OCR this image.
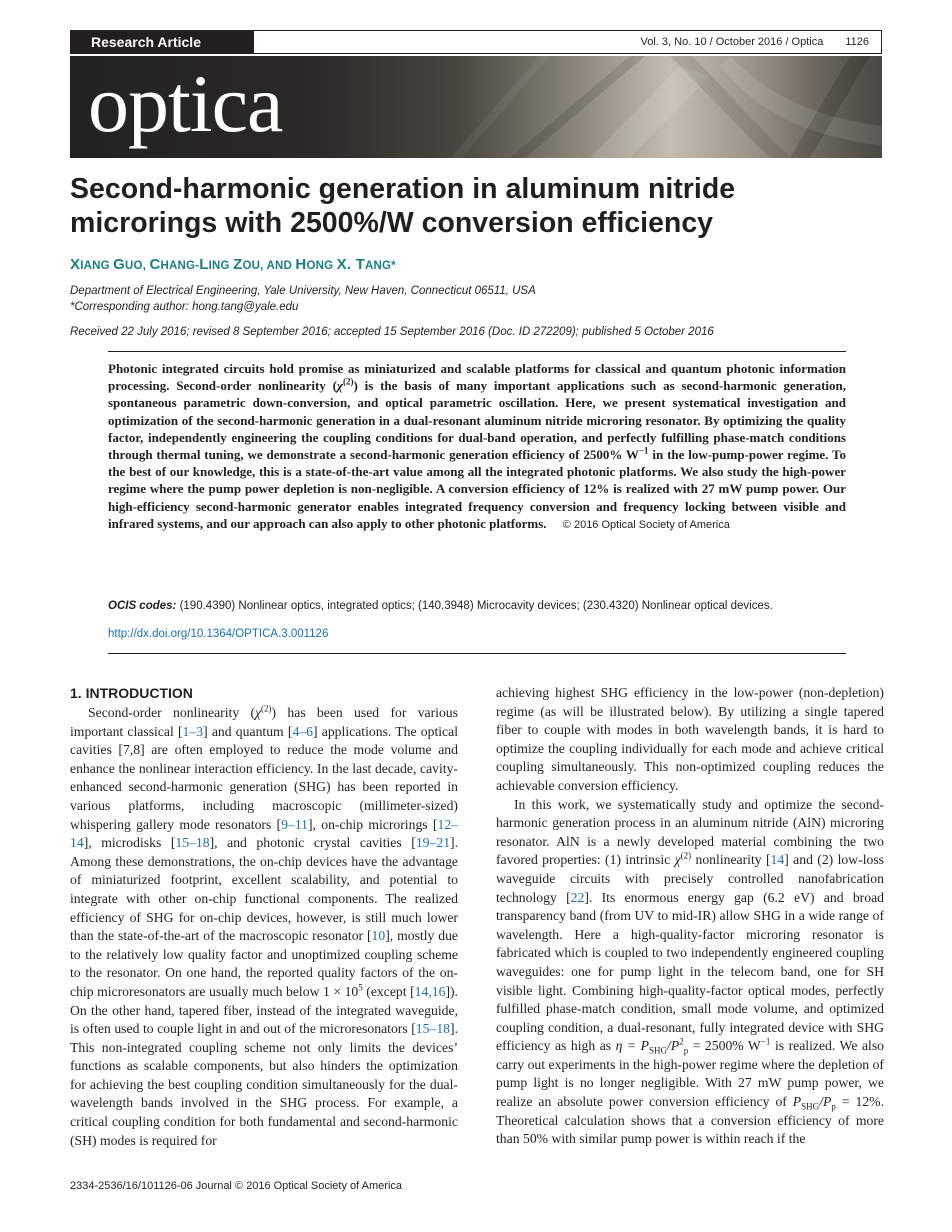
Research Article	Vol. 3, No. 10 / October 2016 / Optica 1126
optica
Second-harmonic generation in aluminum nitride microrings with 2500%/W conversion efficiency
XIANG GUO, CHANG-LING ZOU, AND HONG X. TANG*
Department of Electrical Engineering, Yale University, New Haven, Connecticut 06511, USA
*Corresponding author: hong.tang@yale.edu
Received 22 July 2016; revised 8 September 2016; accepted 15 September 2016 (Doc. ID 272209); published 5 October 2016
Photonic integrated circuits hold promise as miniaturized and scalable platforms for classical and quantum photonic information processing. Second-order nonlinearity $(\chi^{(2)})$ is the basis of many important applications such as second-harmonic generation, spontaneous parametric down-conversion, and optical parametric oscillation. Here, we present systematical investigation and optimization of the second-harmonic generation in a dual-resonant aluminum nitride microring resonator. By optimizing the quality factor, independently engineering the coupling conditions for dual-band operation, and perfectly fulfilling phase-match conditions through thermal tuning, we demonstrate a second-harmonic generation efficiency of 2500% $W^{-1}$ in the low-pump-power regime. To the best of our knowledge, this is a state-of-the-art value among all the integrated photonic platforms. We also study the high-power regime where the pump power depletion is non-negligible. A conversion efficiency of 12% is realized with 27 mW pump power. Our high-efficiency second-harmonic generator enables integrated frequency conversion and frequency locking between visible and infrared systems, and our approach can also apply to other photonic platforms. © 2016 Optical Society of America
OCIS codes: (190.4390) Nonlinear optics, integrated optics; (140.3948) Microcavity devices; (230.4320) Nonlinear optical devices.
http://dx.doi.org/10.1364/OPTICA.3.001126
1. INTRODUCTION

Second-order nonlinearity $(\chi^{(2)})$ has been used for various important classical [1–3] and quantum [4–6] applications. The optical cavities [7,8] are often employed to reduce the mode volume and enhance the nonlinear interaction efficiency. In the last decade, cavity-enhanced second-harmonic generation (SHG) has been reported in various platforms, including macroscopic (millimeter-sized) whispering gallery mode resonators [9–11], on-chip microrings [12–14], microdisks [15–18], and photonic crystal cavities [19–21]. Among these demonstrations, the on-chip devices have the advantage of miniaturized footprint, excellent scalability, and potential to integrate with other on-chip functional components. The realized efficiency of SHG for on-chip devices, however, is still much lower than the state-of-the-art of the macroscopic resonator [10], mostly due to the relatively low quality factor and unoptimized coupling scheme to the resonator. On one hand, the reported quality factors of the on-chip microresonators are usually much below $1 \times 10^5$ (except [14,16]). On the other hand, tapered fiber, instead of the integrated waveguide, is often used to couple light in and out of the microresonators [15–18]. This non-integrated coupling scheme not only limits the devices’ functions as scalable components, but also hinders the optimization for achieving the best coupling condition simultaneously for the dual-wavelength bands involved in the SHG process. For example, a critical coupling condition for both fundamental and second-harmonic (SH) modes is required for

achieving highest SHG efficiency in the low-power (non-depletion) regime (as will be illustrated below). By utilizing a single tapered fiber to couple with modes in both wavelength bands, it is hard to optimize the coupling individually for each mode and achieve critical coupling simultaneously. This non-optimized coupling reduces the achievable conversion efficiency.

In this work, we systematically study and optimize the second-harmonic generation process in an aluminum nitride (AlN) microring resonator. AlN is a newly developed material combining the two favored properties: (1) intrinsic $\chi^{(2)}$ nonlinearity [14] and (2) low-loss waveguide circuits with precisely controlled nanofabrication technology [22]. Its enormous energy gap (6.2 eV) and broad transparency band (from UV to mid-IR) allow SHG in a wide range of wavelength. Here a high-quality-factor microring resonator is fabricated which is coupled to two independently engineered coupling waveguides: one for pump light in the telecom band, one for SH visible light. Combining high-quality-factor optical modes, perfectly fulfilled phase-match condition, small mode volume, and optimized coupling condition, a dual-resonant, fully integrated device with SHG efficiency as high as $\eta = P_{SHG}/P^2_p = 2500\%$ $W^{-1}$ is realized. We also carry out experiments in the high-power regime where the depletion of pump light is no longer negligible. With 27 mW pump power, we realize an absolute power conversion efficiency of $P_{SHG}/P_p = 12\%$. Theoretical calculation shows that a conversion efficiency of more than 50% with similar pump power is within reach if the

2334-2536/16/101126-06 Journal © 2016 Optical Society of America
